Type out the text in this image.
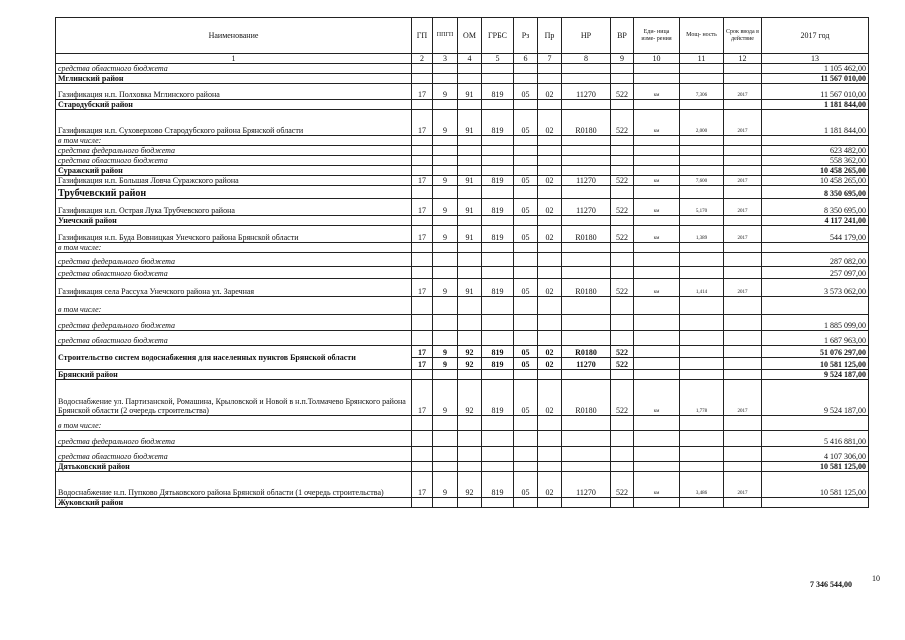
Наименование	ГП	ППГП	ОМ	ГРБС	Рз	Пр	НР	ВР	Еди- ница изме- рения	Мощ- ность	Срок ввода в действие	2017 год
1	2	3	4	5	6	7	8	9	10	11	12	13
средства областного бюджета												1 105 462,00
Мглинский район												11 567 010,00
Газификация н.п. Полховка Мглинского района	17	9	91	819	05	02	11270	522	км	7,306	2017	11 567 010,00
Стародубский район												1 181 844,00
Газификация н.п. Суховерхово Стародубского района Брянской области	17	9	91	819	05	02	R0180	522	км	2,000	2017	1 181 844,00
в том числе:												
средства федерального бюджета												623 482,00
средства областного бюджета												558 362,00
Суражский район												10 458 265,00
Газификация н.п. Большая Ловча Суражского района	17	9	91	819	05	02	11270	522	км	7,600	2017	10 458 265,00
Трубчевский район												8 350 695,00
Газификация н.п. Острая Лука Трубчевского района	17	9	91	819	05	02	11270	522	км	5,170	2017	8 350 695,00
Унечский район												4 117 241,00
Газификация н.п. Буда Вовницкая Унечского района Брянской области	17	9	91	819	05	02	R0180	522	км	1,389	2017	544 179,00
в том числе:												
средства федерального бюджета												287 082,00
средства областного бюджета												257 097,00
Газификация села Рассуха Унечского района ул. Заречная	17	9	91	819	05	02	R0180	522	км	1,414	2017	3 573 062,00
в том числе:												
средства федерального бюджета												1 885 099,00
средства областного бюджета												1 687 963,00
Строительство систем водоснабжения для населенных пунктов Брянской области	17	9	92	819	05	02	R0180	522				51 076 297,00
	17	9	92	819	05	02	11270	522				10 581 125,00
Брянский район												9 524 187,00
Водоснабжение ул. Партизанской, Ромашина, Крыловской и Новой в н.п.Толмачево Брянского района Брянской области (2 очередь строительства)	17	9	92	819	05	02	R0180	522	км	1,778	2017	9 524 187,00
в том числе:												
средства федерального бюджета												5 416 881,00
средства областного бюджета												4 107 306,00
Дятьковский район												10 581 125,00
Водоснабжение н.п. Пупково Дятьковского района Брянской области (1 очередь строительства)	17	9	92	819	05	02	11270	522	км	3,486	2017	10 581 125,00
Жуковский район												
7 346 544,00
10
